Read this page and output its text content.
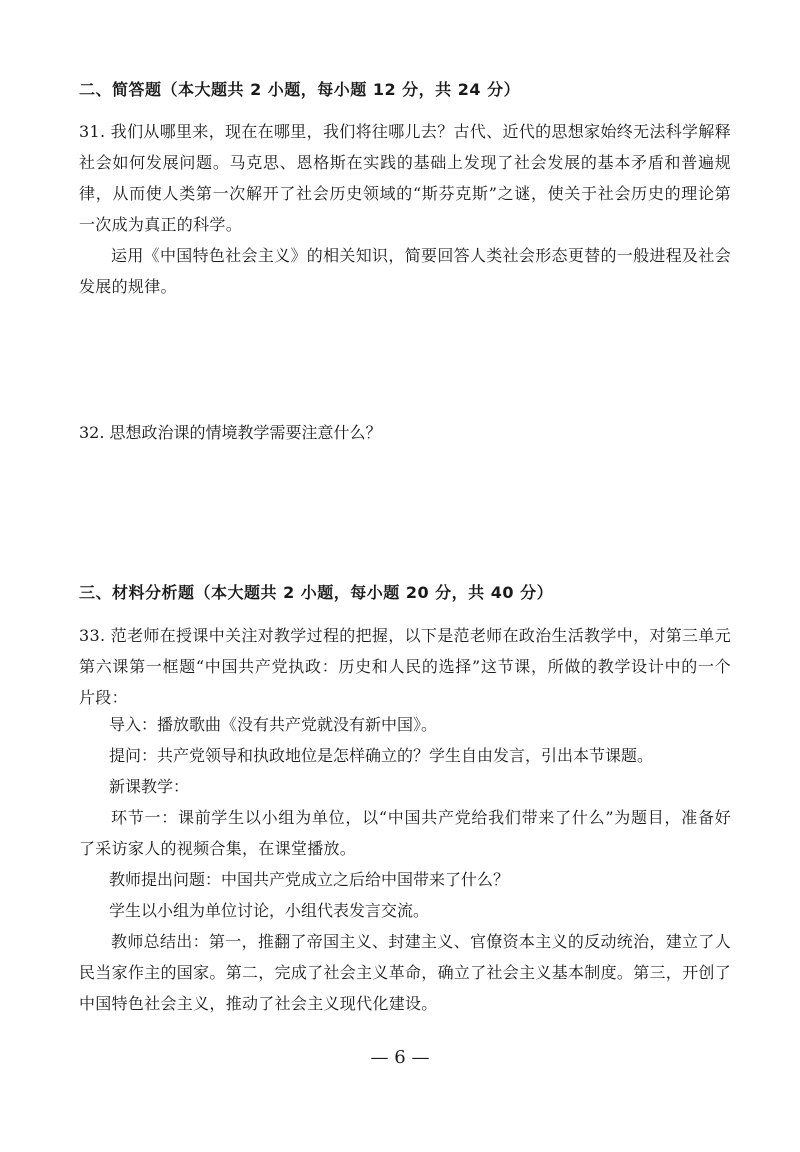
二、简答题（本大题共 2 小题，每小题 12 分，共 24 分）
31. 我们从哪里来，现在在哪里，我们将往哪儿去？古代、近代的思想家始终无法科学解释社会如何发展问题。马克思、恩格斯在实践的基础上发现了社会发展的基本矛盾和普遍规律，从而使人类第一次解开了社会历史领域的“斯芬克斯”之谜，使关于社会历史的理论第一次成为真正的科学。
运用《中国特色社会主义》的相关知识，简要回答人类社会形态更替的一般进程及社会发展的规律。
32. 思想政治课的情境教学需要注意什么？
三、材料分析题（本大题共 2 小题，每小题 20 分，共 40 分）
33. 范老师在授课中关注对教学过程的把握，以下是范老师在政治生活教学中，对第三单元第六课第一框题“中国共产党执政：历史和人民的选择”这节课，所做的教学设计中的一个片段：
导入：播放歌曲《没有共产党就没有新中国》。
提问：共产党领导和执政地位是怎样确立的？学生自由发言，引出本节课题。
新课教学：
环节一：课前学生以小组为单位，以“中国共产党给我们带来了什么”为题目，准备好了采访家人的视频合集，在课堂播放。
教师提出问题：中国共产党成立之后给中国带来了什么？
学生以小组为单位讨论，小组代表发言交流。
教师总结出：第一，推翻了帝国主义、封建主义、官僚资本主义的反动统治，建立了人民当家作主的国家。第二，完成了社会主义革命，确立了社会主义基本制度。第三，开创了中国特色社会主义，推动了社会主义现代化建设。
— 6 —
